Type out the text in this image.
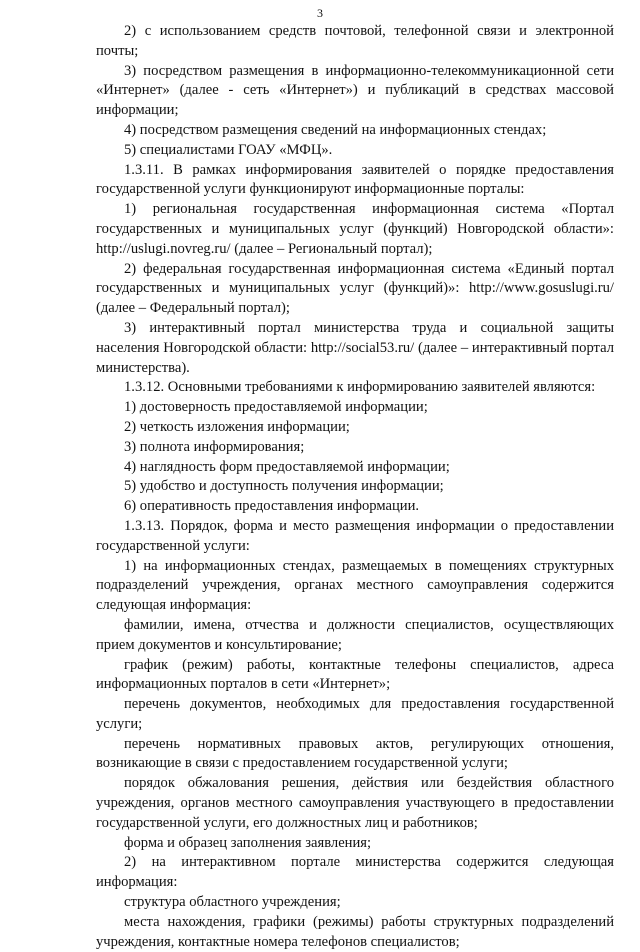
3

2) с использованием средств почтовой, телефонной связи и электронной почты;

3) посредством размещения в информационно-телекоммуникационной сети «Интернет» (далее - сеть «Интернет») и публикаций в средствах массовой информации;

4) посредством размещения сведений на информационных стендах;

5) специалистами ГОАУ «МФЦ».

1.3.11. В рамках информирования заявителей о порядке предоставления государственной услуги функционируют информационные порталы:

1) региональная государственная информационная система «Портал государственных и муниципальных услуг (функций) Новгородской области»: http://uslugi.novreg.ru/ (далее – Региональный портал);

2) федеральная государственная информационная система «Единый портал государственных и муниципальных услуг (функций)»: http://www.gosuslugi.ru/ (далее – Федеральный портал);

3) интерактивный портал министерства труда и социальной защиты населения Новгородской области: http://social53.ru/ (далее – интерактивный портал министерства).

1.3.12. Основными требованиями к информированию заявителей являются:

1) достоверность предоставляемой информации;

2) четкость изложения информации;

3) полнота информирования;

4) наглядность форм предоставляемой информации;

5) удобство и доступность получения информации;

6) оперативность предоставления информации.

1.3.13. Порядок, форма и место размещения информации о предоставлении государственной услуги:

1) на информационных стендах, размещаемых в помещениях структурных подразделений учреждения, органах местного самоуправления содержится следующая информация:

фамилии, имена, отчества и должности специалистов, осуществляющих прием документов и консультирование;

график (режим) работы, контактные телефоны специалистов, адреса информационных порталов в сети «Интернет»;

перечень документов, необходимых для предоставления государственной услуги;

перечень нормативных правовых актов, регулирующих отношения, возникающие в связи с предоставлением государственной услуги;

порядок обжалования решения, действия или бездействия областного учреждения, органов местного самоуправления участвующего в предоставлении государственной услуги, его должностных лиц и работников;

форма и образец заполнения заявления;

2) на интерактивном портале министерства содержится следующая информация:

структура областного учреждения;

места нахождения, графики (режимы) работы структурных подразделений учреждения, контактные номера телефонов специалистов;
